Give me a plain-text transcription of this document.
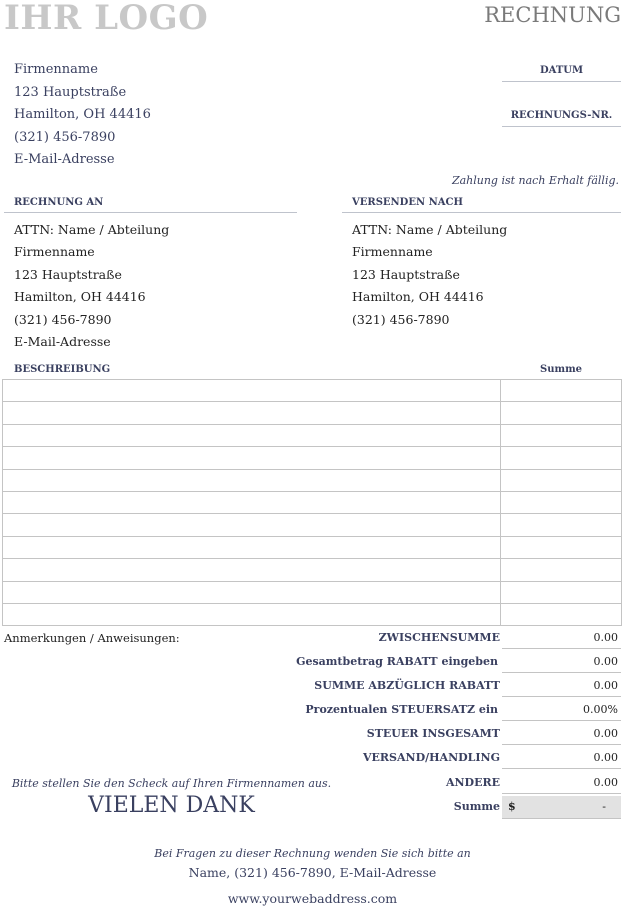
IHR LOGO	RECHNUNG
Firmenname
123 Hauptstraße
Hamilton, OH 44416
(321) 456-7890
E-Mail-Adresse
DATUM
RECHNUNGS-NR.
Zahlung ist nach Erhalt fällig.
RECHNUNG AN
ATTN: Name / Abteilung
Firmenname
123 Hauptstraße
Hamilton, OH 44416
(321) 456-7890
E-Mail-Adresse
VERSENDEN NACH
ATTN: Name / Abteilung
Firmenname
123 Hauptstraße
Hamilton, OH 44416
(321) 456-7890
BESCHREIBUNG	Summe

Anmerkungen / Anweisungen:	ZWISCHENSUMME	0.00
Gesamtbetrag RABATT eingeben	0.00
SUMME ABZÜGLICH RABATT	0.00
Prozentualen STEUERSATZ ein	0.00%
STEUER INSGESAMT	0.00
VERSAND/HANDLING	0.00
ANDERE	0.00
Summe $	-
Bitte stellen Sie den Scheck auf Ihren Firmennamen aus.
VIELEN DANK
Bei Fragen zu dieser Rechnung wenden Sie sich bitte an
Name, (321) 456-7890, E-Mail-Adresse
www.yourwebaddress.com
